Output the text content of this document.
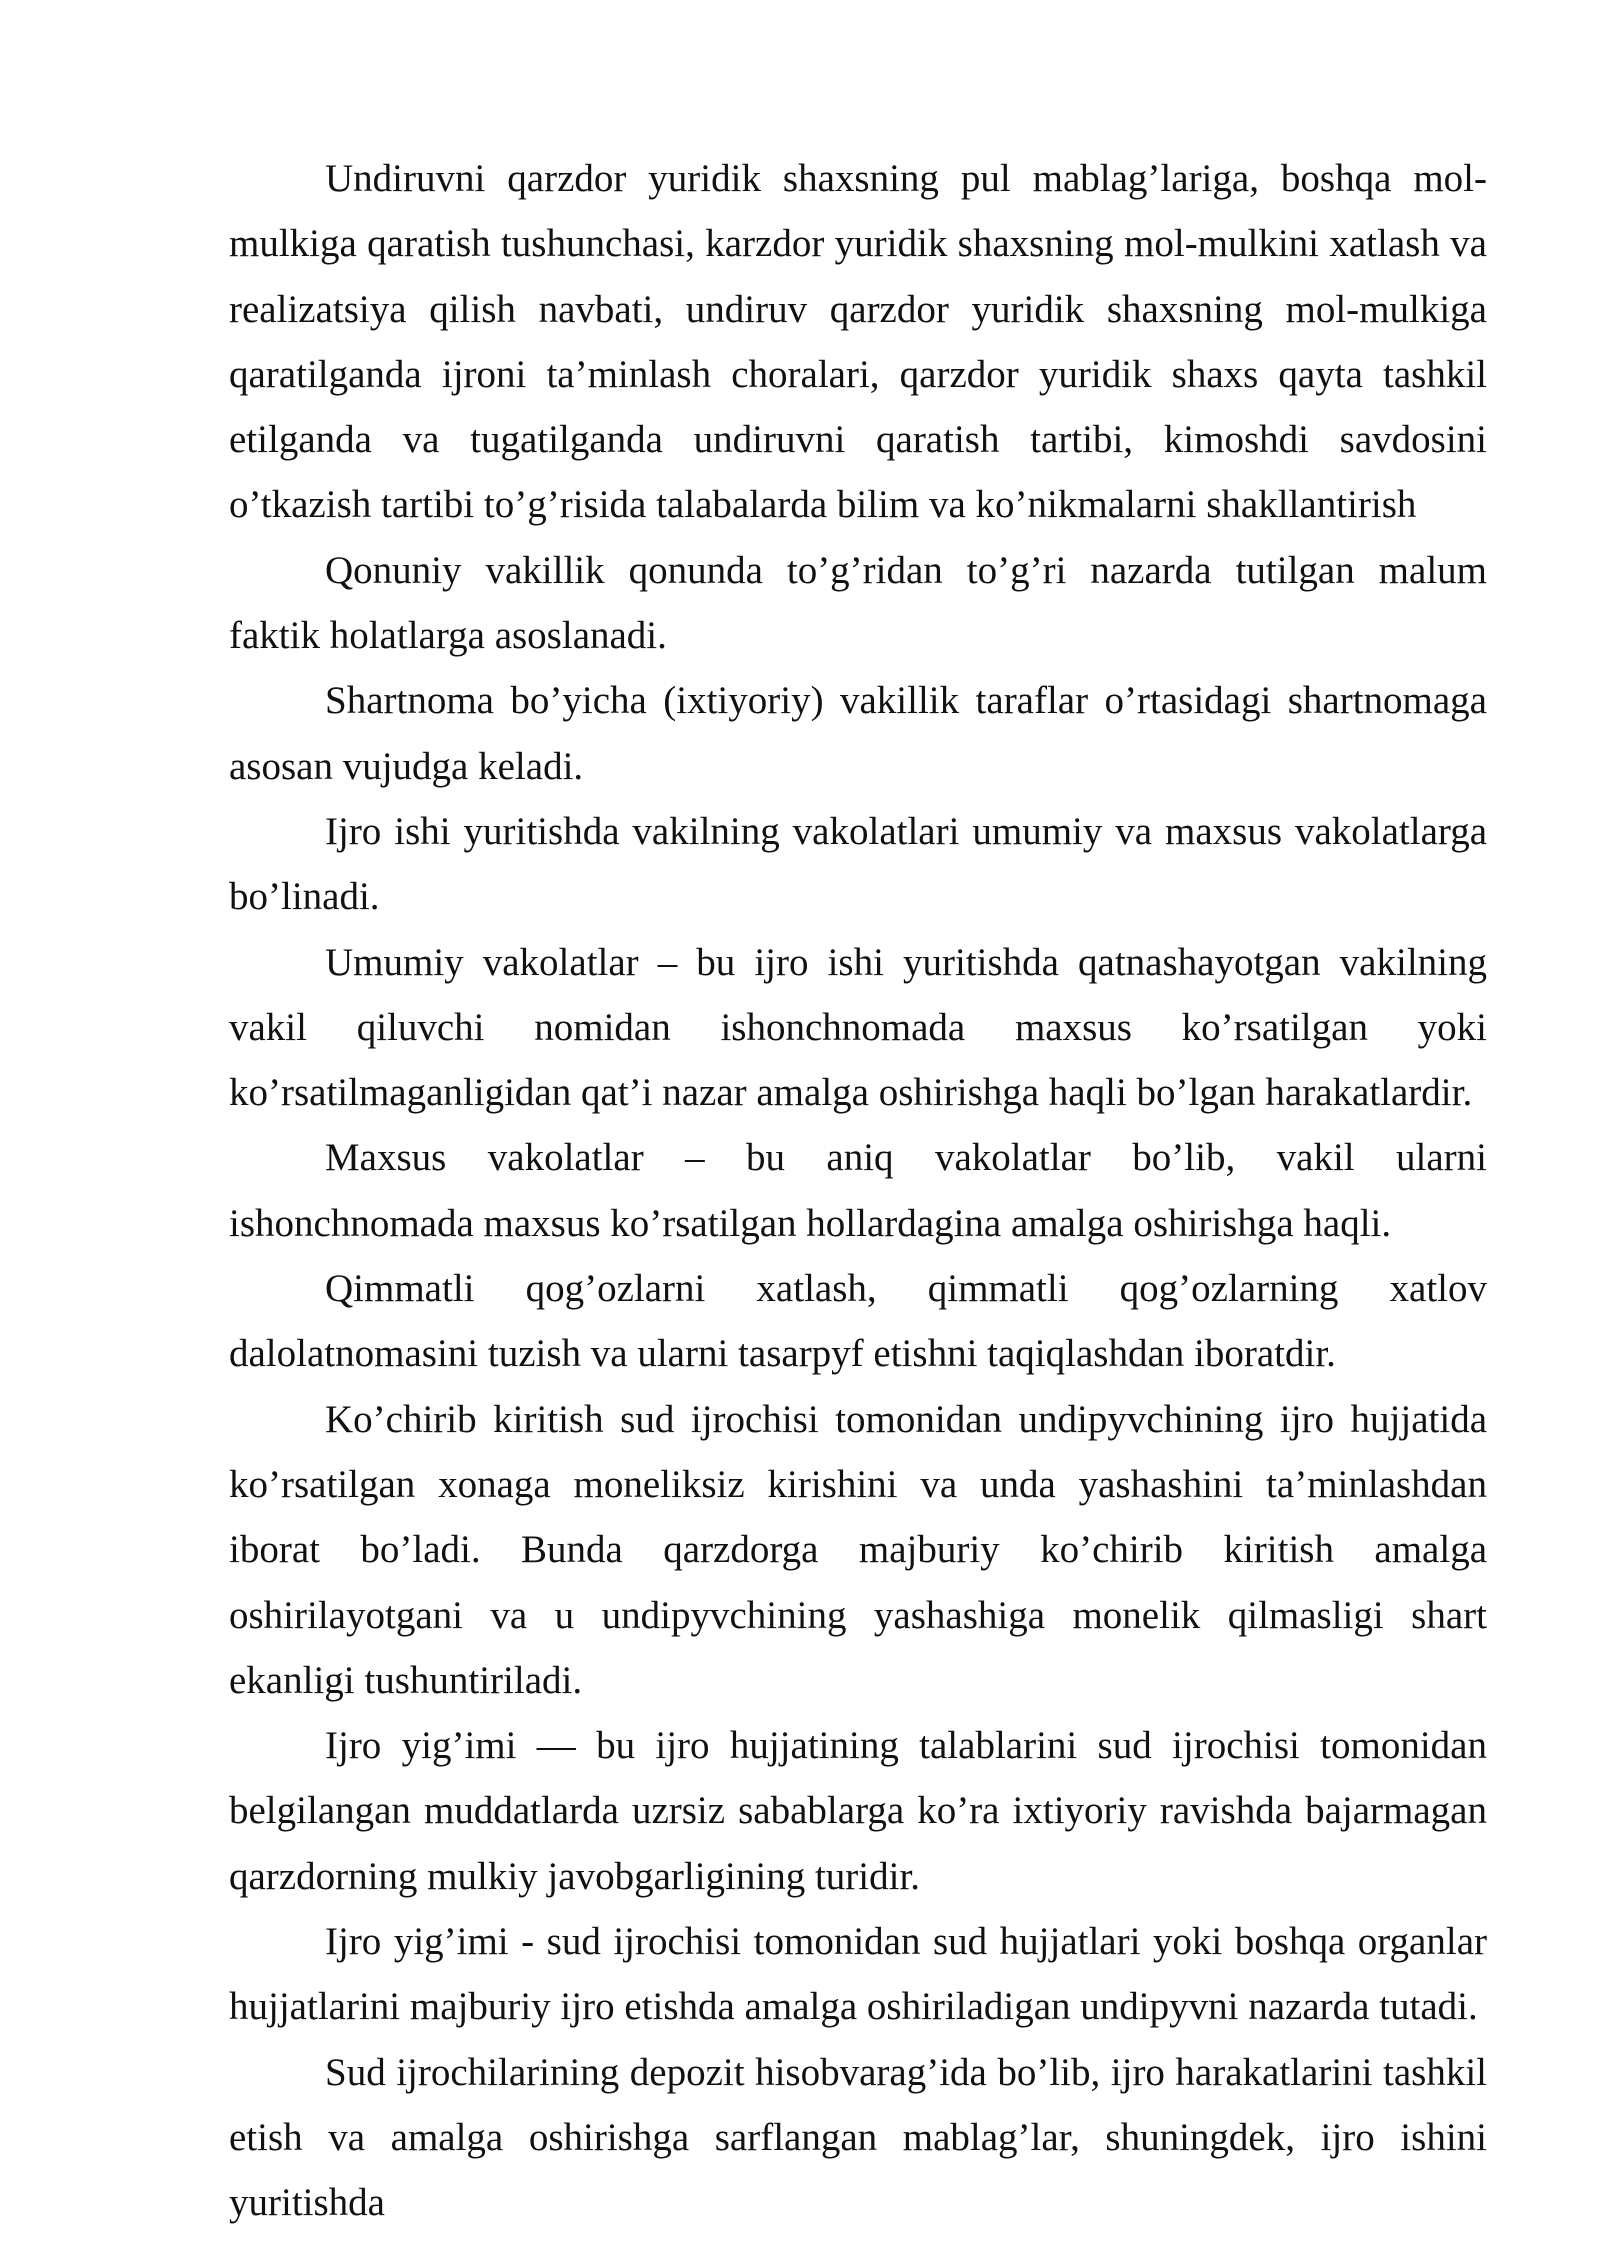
Undiruvni qarzdor yuridik shaxsning pul mablag’lariga, boshqa mol-mulkiga qaratish tushunchasi, karzdor yuridik shaxsning mol-mulkini xatlash va realizatsiya qilish navbati, undiruv qarzdor yuridik shaxsning mol-mulkiga qaratilganda ijroni ta’minlash choralari, qarzdor yuridik shaxs qayta tashkil etilganda va tugatilganda undiruvni qaratish tartibi, kimoshdi savdosini o’tkazish tartibi to’g’risida talabalarda bilim va ko’nikmalarni shakllantirish

Qonuniy vakillik qonunda to’g’ridan to’g’ri nazarda tutilgan malum faktik holatlarga asoslanadi.

Shartnoma bo’yicha (ixtiyoriy) vakillik taraflar o’rtasidagi shartnomaga asosan vujudga keladi.

Ijro ishi yuritishda vakilning vakolatlari umumiy va maxsus vakolatlarga bo’linadi.

Umumiy vakolatlar – bu ijro ishi yuritishda qatnashayotgan vakilning vakil qiluvchi nomidan ishonchnomada maxsus ko’rsatilgan yoki ko’rsatilmaganligidan qat’i nazar amalga oshirishga haqli bo’lgan harakatlardir.

Maxsus vakolatlar – bu aniq vakolatlar bo’lib, vakil ularni ishonchnomada maxsus ko’rsatilgan hollardagina amalga oshirishga haqli.

Qimmatli qog’ozlarni xatlash, qimmatli qog’ozlarning xatlov dalolatnomasini tuzish va ularni tasarpyf etishni taqiqlashdan iboratdir.

Ko’chirib kiritish sud ijrochisi tomonidan undipyvchining ijro hujjatida ko’rsatilgan xonaga moneliksiz kirishini va unda yashashini ta’minlashdan iborat bo’ladi. Bunda qarzdorga majburiy ko’chirib kiritish amalga oshirilayotgani va u undipyvchining yashashiga monelik qilmasligi shart ekanligi tushuntiriladi.

Ijro yig’imi — bu ijro hujjatining talablarini sud ijrochisi tomonidan belgilangan muddatlarda uzrsiz sabablarga ko’ra ixtiyoriy ravishda bajarmagan qarzdorning mulkiy javobgarligining turidir.

Ijro yig’imi - sud ijrochisi tomonidan sud hujjatlari yoki boshqa organlar hujjatlarini majburiy ijro etishda amalga oshiriladigan undipyvni nazarda tutadi.

Sud ijrochilarining depozit hisobvarag’ida bo’lib, ijro harakatlarini tashkil etish va amalga oshirishga sarflangan mablag’lar, shuningdek, ijro ishini yuritishda
